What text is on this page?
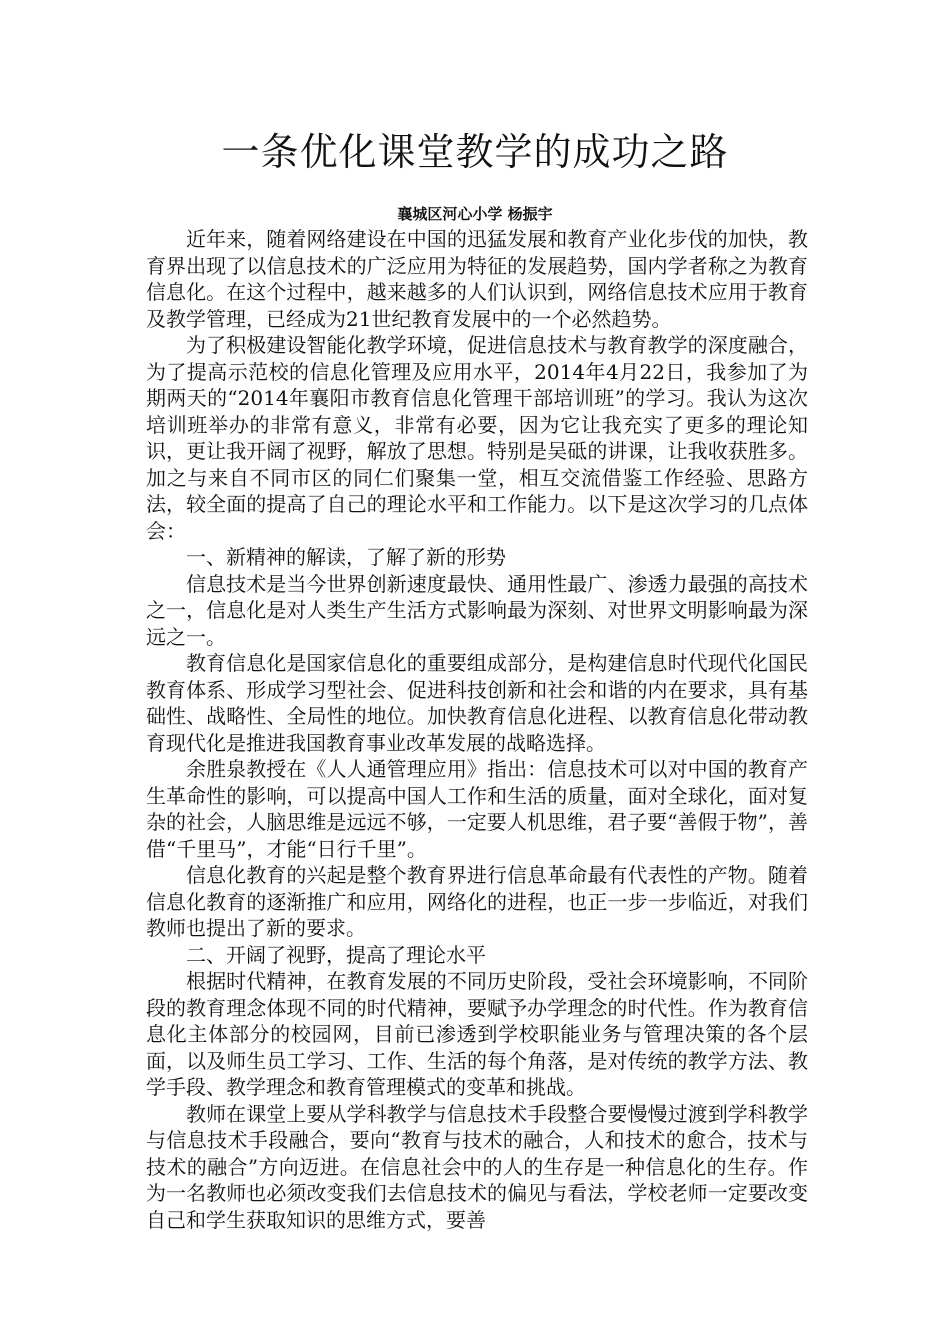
一条优化课堂教学的成功之路
襄城区河心小学 杨振宇

近年来，随着网络建设在中国的迅猛发展和教育产业化步伐的加快，教育界出现了以信息技术的广泛应用为特征的发展趋势，国内学者称之为教育信息化。在这个过程中，越来越多的人们认识到，网络信息技术应用于教育及教学管理，已经成为21世纪教育发展中的一个必然趋势。

为了积极建设智能化教学环境，促进信息技术与教育教学的深度融合，为了提高示范校的信息化管理及应用水平，2014年4月22日，我参加了为期两天的“2014年襄阳市教育信息化管理干部培训班”的学习。我认为这次培训班举办的非常有意义，非常有必要，因为它让我充实了更多的理论知识，更让我开阔了视野，解放了思想。特别是吴砥的讲课，让我收获胜多。加之与来自不同市区的同仁们聚集一堂，相互交流借鉴工作经验、思路方法，较全面的提高了自己的理论水平和工作能力。以下是这次学习的几点体会：

一、新精神的解读，了解了新的形势

信息技术是当今世界创新速度最快、通用性最广、渗透力最强的高技术之一，信息化是对人类生产生活方式影响最为深刻、对世界文明影响最为深远之一。

教育信息化是国家信息化的重要组成部分，是构建信息时代现代化国民教育体系、形成学习型社会、促进科技创新和社会和谐的内在要求，具有基础性、战略性、全局性的地位。加快教育信息化进程、以教育信息化带动教育现代化是推进我国教育事业改革发展的战略选择。

余胜泉教授在《人人通管理应用》指出：信息技术可以对中国的教育产生革命性的影响，可以提高中国人工作和生活的质量，面对全球化，面对复杂的社会，人脑思维是远远不够，一定要人机思维，君子要“善假于物”，善借“千里马”，才能“日行千里”。

信息化教育的兴起是整个教育界进行信息革命最有代表性的产物。随着信息化教育的逐渐推广和应用，网络化的进程，也正一步一步临近，对我们教师也提出了新的要求。

二、开阔了视野，提高了理论水平

根据时代精神，在教育发展的不同历史阶段，受社会环境影响，不同阶段的教育理念体现不同的时代精神，要赋予办学理念的时代性。作为教育信息化主体部分的校园网，目前已渗透到学校职能业务与管理决策的各个层面，以及师生员工学习、工作、生活的每个角落，是对传统的教学方法、教学手段、教学理念和教育管理模式的变革和挑战。

教师在课堂上要从学科教学与信息技术手段整合要慢慢过渡到学科教学与信息技术手段融合，要向“教育与技术的融合，人和技术的愈合，技术与技术的融合”方向迈进。在信息社会中的人的生存是一种信息化的生存。作为一名教师也必须改变我们去信息技术的偏见与看法，学校老师一定要改变自己和学生获取知识的思维方式，要善
